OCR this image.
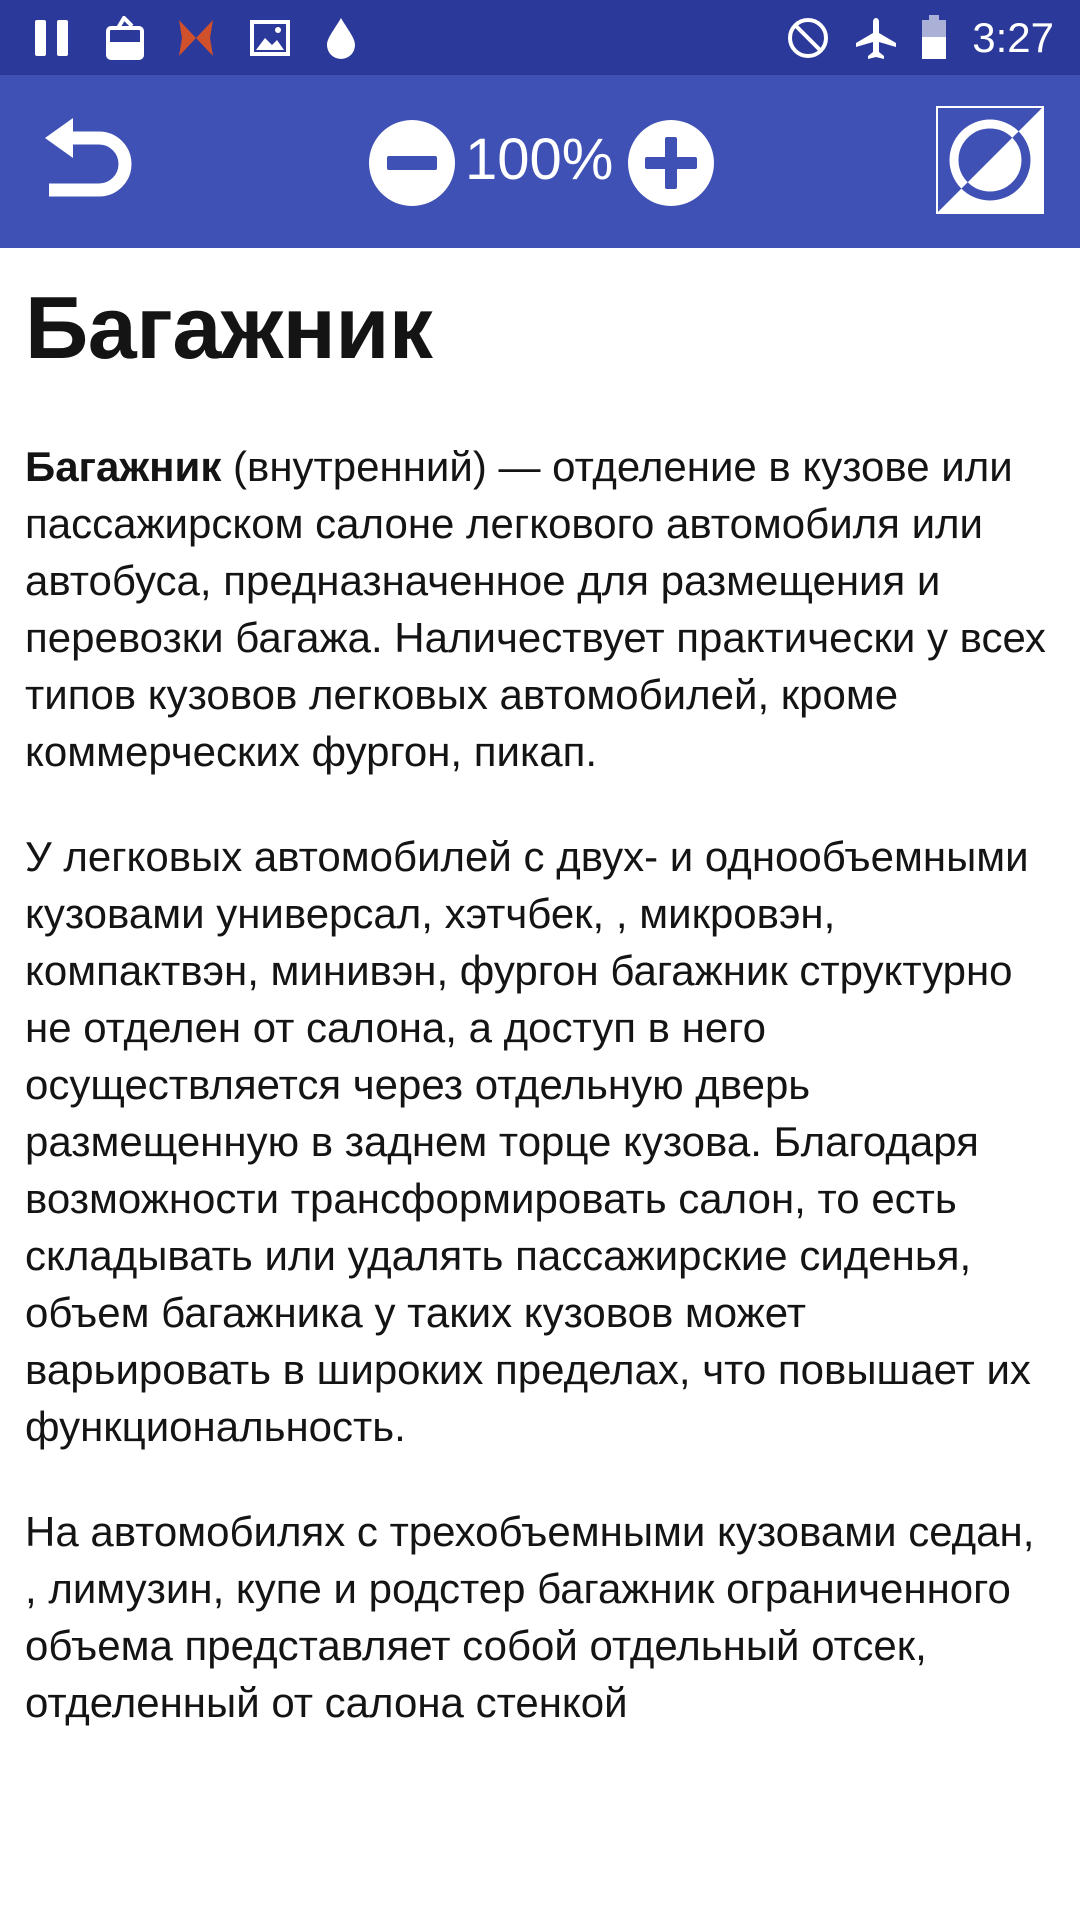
3:27
100%
Багажник

Багажник (внутренний) — отделение в кузове или пассажирском салоне легкового автомобиля или автобуса, предназначенное для размещения и перевозки багажа. Наличествует практически у всех типов кузовов легковых автомобилей, кроме коммерческих фургон, пикап.

У легковых автомобилей с двух- и однообъемными кузовами универсал, хэтчбек, , микровэн, компактвэн, минивэн, фургон багажник структурно не отделен от салона, а доступ в него осуществляется через отдельную дверь размещенную в заднем торце кузова. Благодаря возможности трансформировать салон, то есть складывать или удалять пассажирские сиденья, объем багажника у таких кузовов может варьировать в широких пределах, что повышает их функциональность.

На автомобилях с трехобъемными кузовами седан, , лимузин, купе и родстер багажник ограниченного объема представляет собой отдельный отсек, отделенный от салона стенкой
